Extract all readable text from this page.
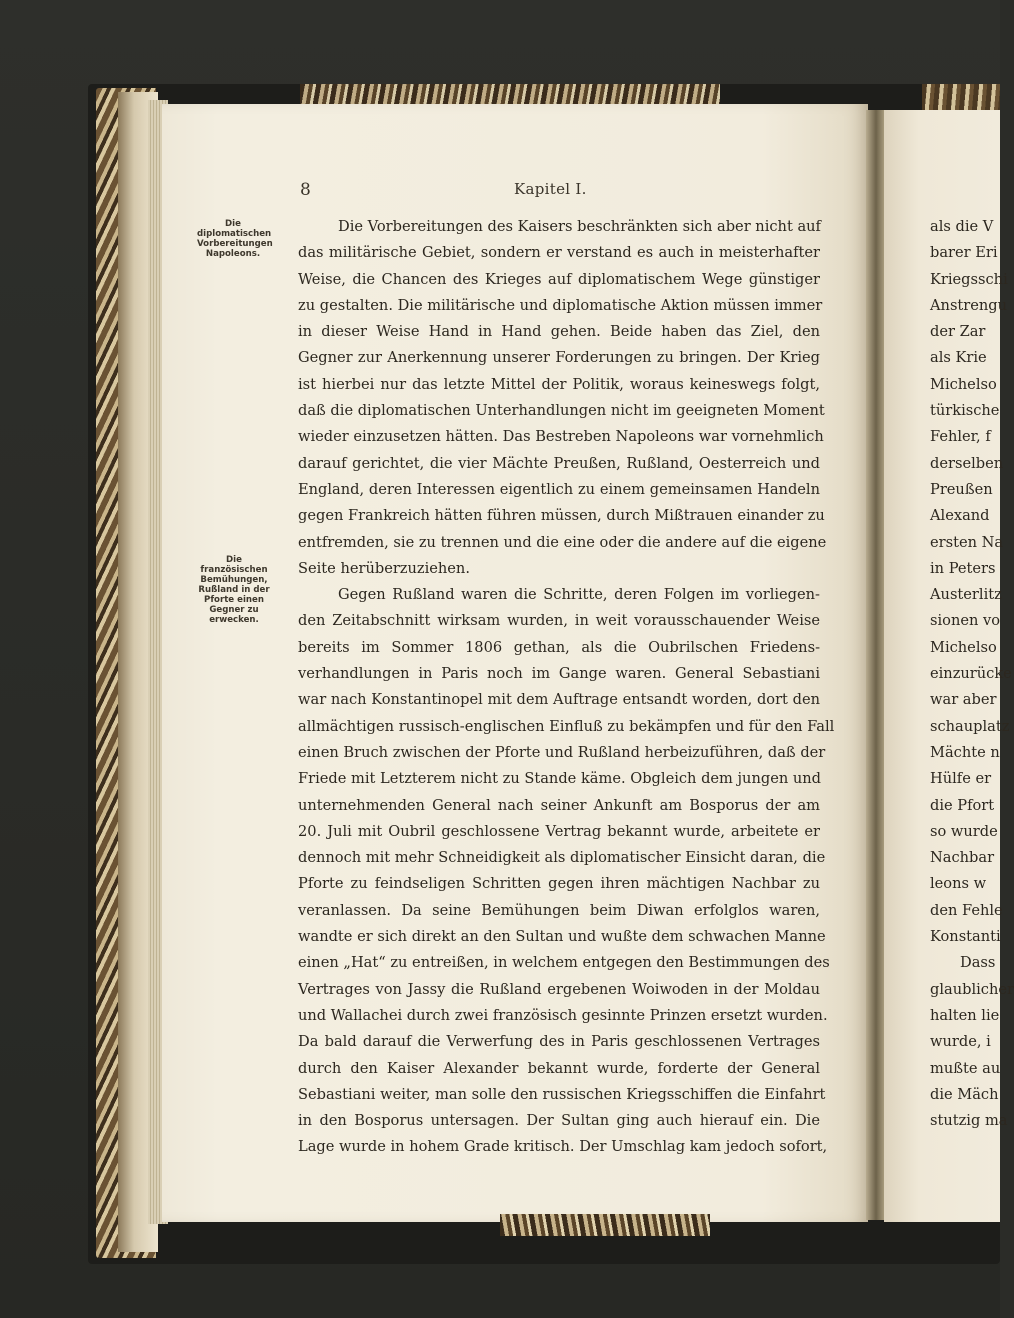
8	Kapitel I.
Die
diplomatischen
Vorbereitungen
Napoleons.
Die
französischen
Bemühungen,
Rußland in der
Pforte einen
Gegner zu
erwecken.
Die Vorbereitungen des Kaisers beschränkten sich aber nicht auf
das militärische Gebiet, sondern er verstand es auch in meisterhafter
Weise, die Chancen des Krieges auf diplomatischem Wege günstiger
zu gestalten. Die militärische und diplomatische Aktion müssen immer
in dieser Weise Hand in Hand gehen. Beide haben das Ziel, den
Gegner zur Anerkennung unserer Forderungen zu bringen. Der Krieg
ist hierbei nur das letzte Mittel der Politik, woraus keineswegs folgt,
daß die diplomatischen Unterhandlungen nicht im geeigneten Moment
wieder einzusetzen hätten. Das Bestreben Napoleons war vornehmlich
darauf gerichtet, die vier Mächte Preußen, Rußland, Oesterreich und
England, deren Interessen eigentlich zu einem gemeinsamen Handeln
gegen Frankreich hätten führen müssen, durch Mißtrauen einander zu
entfremden, sie zu trennen und die eine oder die andere auf die eigene
Seite herüberzuziehen.
Gegen Rußland waren die Schritte, deren Folgen im vorliegen-
den Zeitabschnitt wirksam wurden, in weit vorausschauender Weise
bereits im Sommer 1806 gethan, als die Oubrilschen Friedens-
verhandlungen in Paris noch im Gange waren. General Sebastiani
war nach Konstantinopel mit dem Auftrage entsandt worden, dort den
allmächtigen russisch-englischen Einfluß zu bekämpfen und für den Fall
einen Bruch zwischen der Pforte und Rußland herbeizuführen, daß der
Friede mit Letzterem nicht zu Stande käme. Obgleich dem jungen und
unternehmenden General nach seiner Ankunft am Bosporus der am
20. Juli mit Oubril geschlossene Vertrag bekannt wurde, arbeitete er
dennoch mit mehr Schneidigkeit als diplomatischer Einsicht daran, die
Pforte zu feindseligen Schritten gegen ihren mächtigen Nachbar zu
veranlassen. Da seine Bemühungen beim Diwan erfolglos waren,
wandte er sich direkt an den Sultan und wußte dem schwachen Manne
einen „Hat“ zu entreißen, in welchem entgegen den Bestimmungen des
Vertrages von Jassy die Rußland ergebenen Woiwoden in der Moldau
und Wallachei durch zwei französisch gesinnte Prinzen ersetzt wurden.
Da bald darauf die Verwerfung des in Paris geschlossenen Vertrages
durch den Kaiser Alexander bekannt wurde, forderte der General
Sebastiani weiter, man solle den russischen Kriegsschiffen die Einfahrt
in den Bosporus untersagen. Der Sultan ging auch hierauf ein. Die
Lage wurde in hohem Grade kritisch. Der Umschlag kam jedoch sofort,
als die V
barer Eri
Kriegsschi
Anstrengu
der Zar
als Krie
Michelso
türkische
Fehler, f
derselben
Preußen
Alexand
ersten Na
in Peters
Austerlitz
sionen vo
Michelso
einzurücke
war aber
schauplatz
Mächte n
Hülfe er
die Pfort
so wurde
Nachbar
leons w
den Fehle
Konstanti
Dass
glaublicher
halten lie
wurde, i
mußte au
die Mäch
stutzig ma
